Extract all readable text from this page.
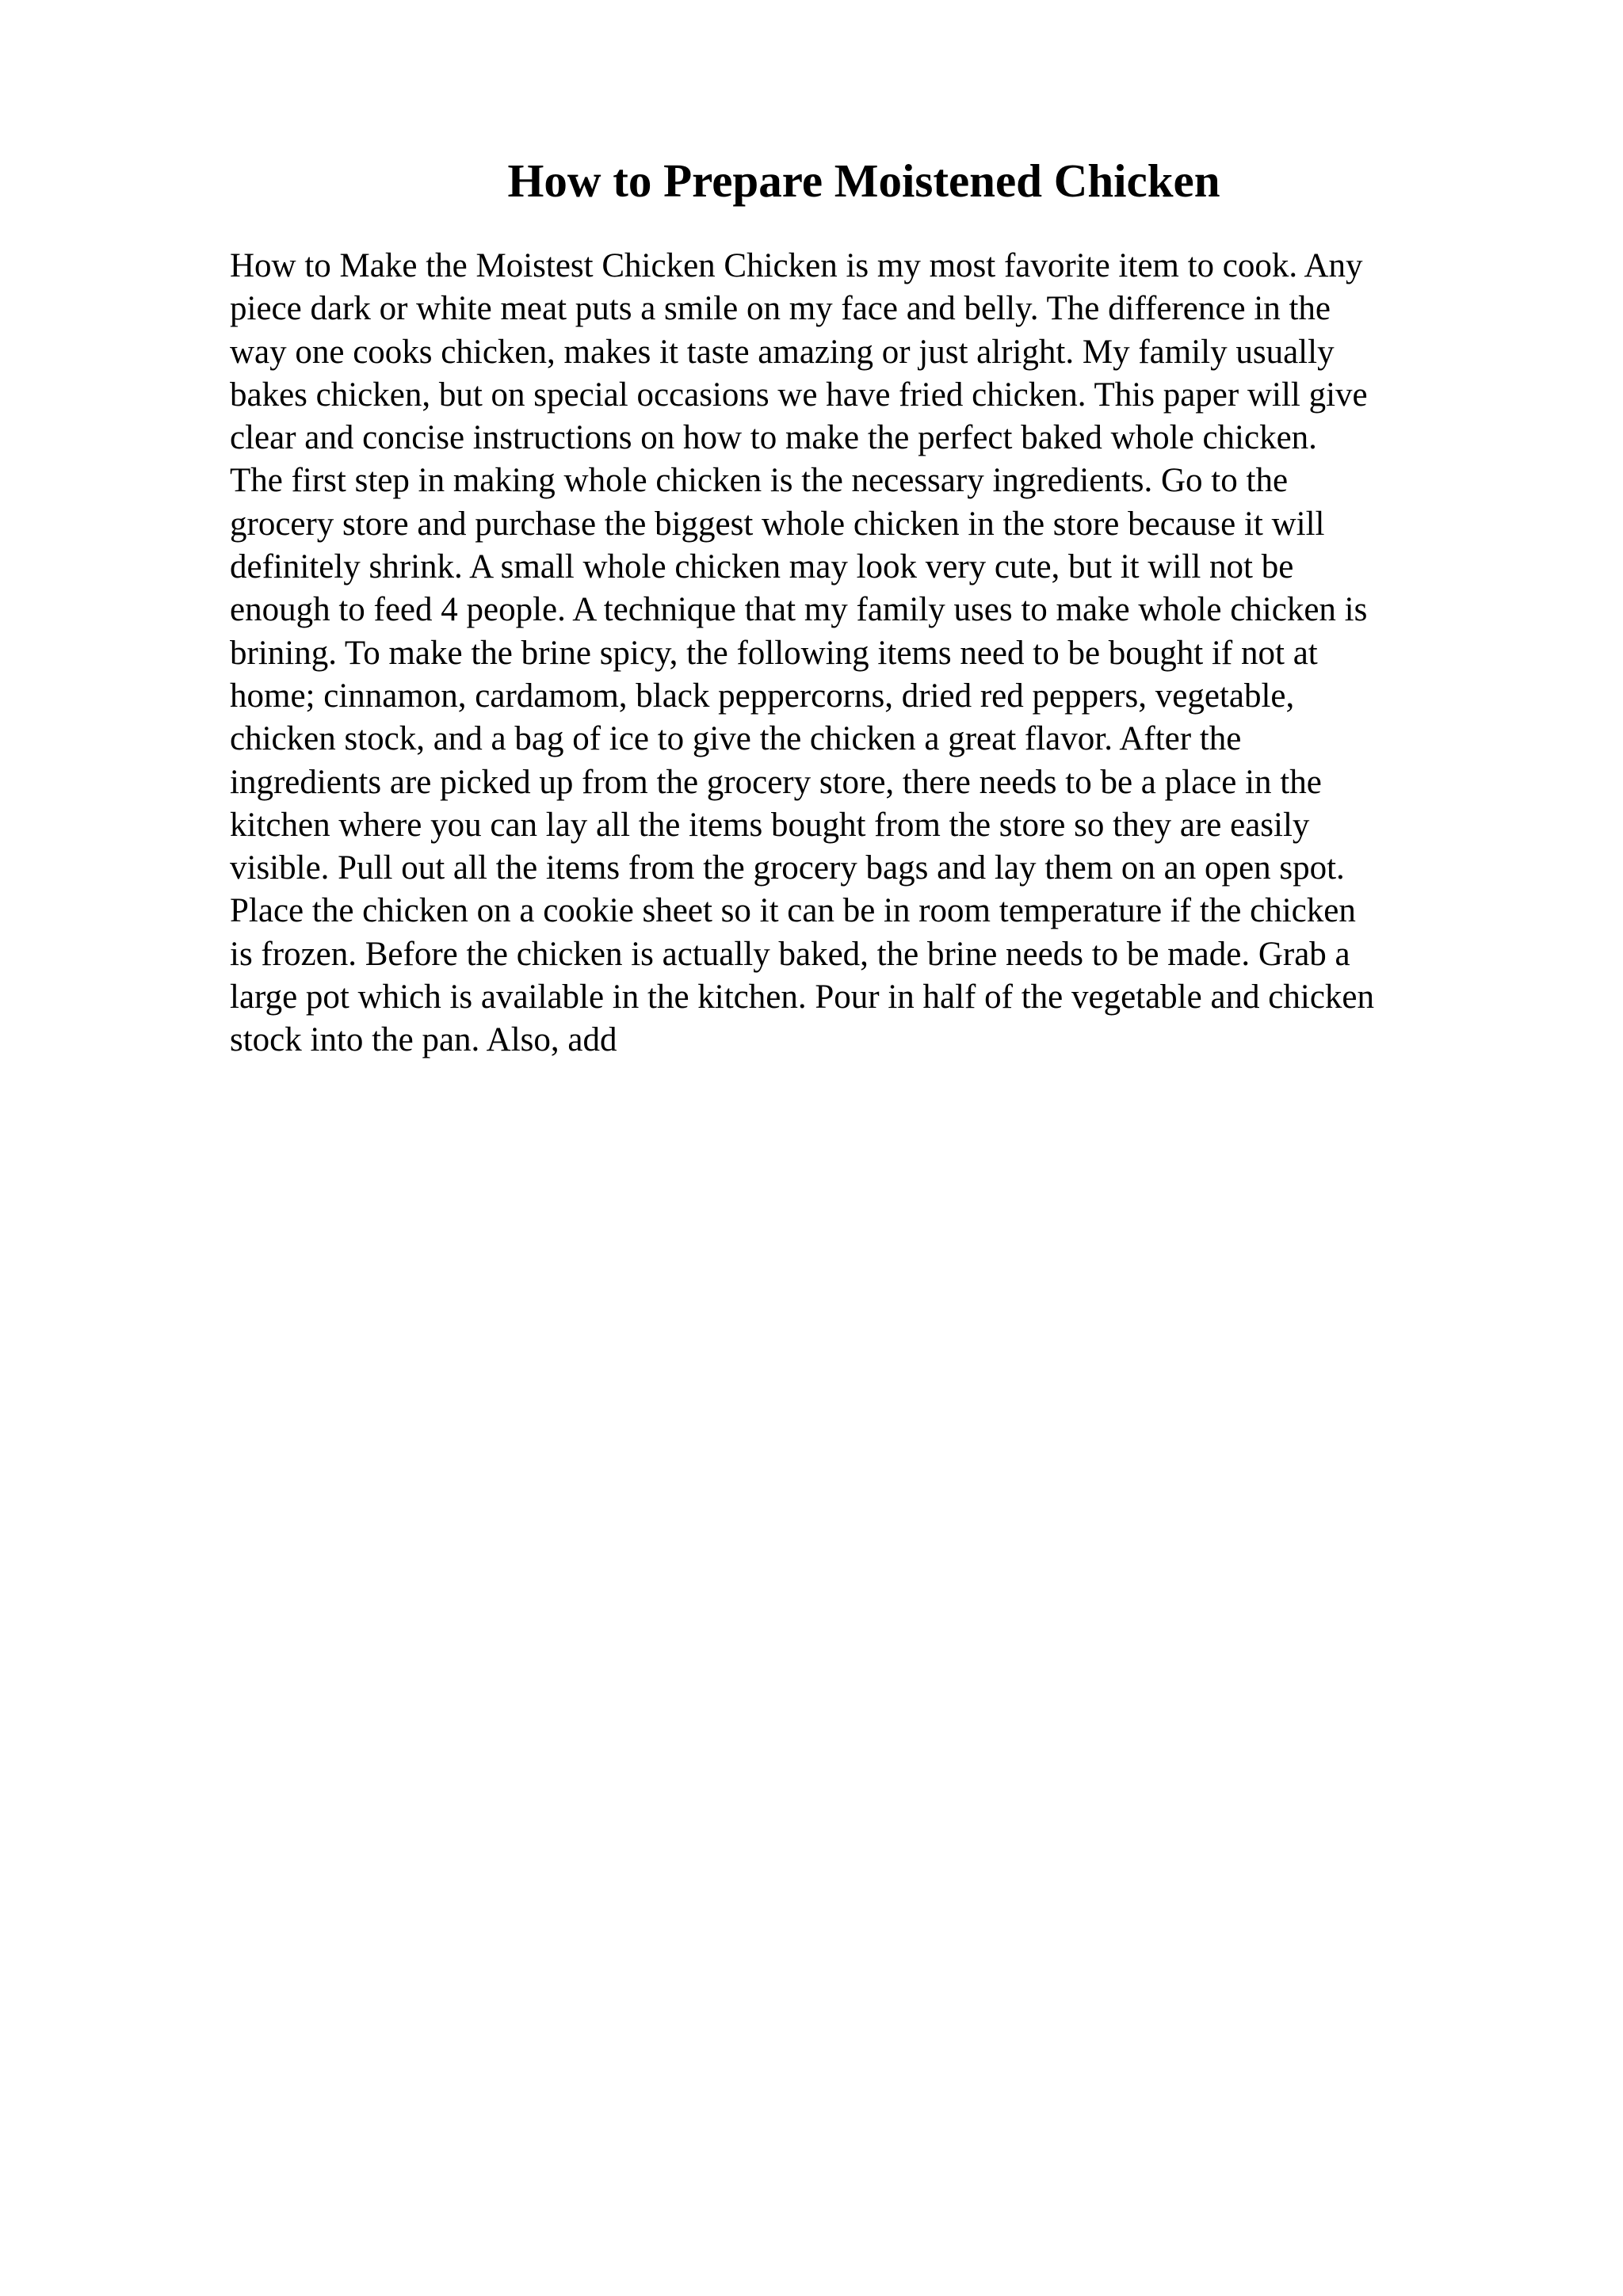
How to Prepare Moistened Chicken
How to Make the Moistest Chicken Chicken is my most favorite item to cook. Any
piece dark or white meat puts a smile on my face and belly. The difference in the
way one cooks chicken, makes it taste amazing or just alright. My family usually
bakes chicken, but on special occasions we have fried chicken. This paper will give
clear and concise instructions on how to make the perfect baked whole chicken.
The first step in making whole chicken is the necessary ingredients. Go to the
grocery store and purchase the biggest whole chicken in the store because it will
definitely shrink. A small whole chicken may look very cute, but it will not be
enough to feed 4 people. A technique that my family uses to make whole chicken is
brining. To make the brine spicy, the following items need to be bought if not at
home; cinnamon, cardamom, black peppercorns, dried red peppers, vegetable,
chicken stock, and a bag of ice to give the chicken a great flavor. After the
ingredients are picked up from the grocery store, there needs to be a place in the
kitchen where you can lay all the items bought from the store so they are easily
visible. Pull out all the items from the grocery bags and lay them on an open spot.
Place the chicken on a cookie sheet so it can be in room temperature if the chicken
is frozen. Before the chicken is actually baked, the brine needs to be made. Grab a
large pot which is available in the kitchen. Pour in half of the vegetable and chicken
stock into the pan. Also, add
